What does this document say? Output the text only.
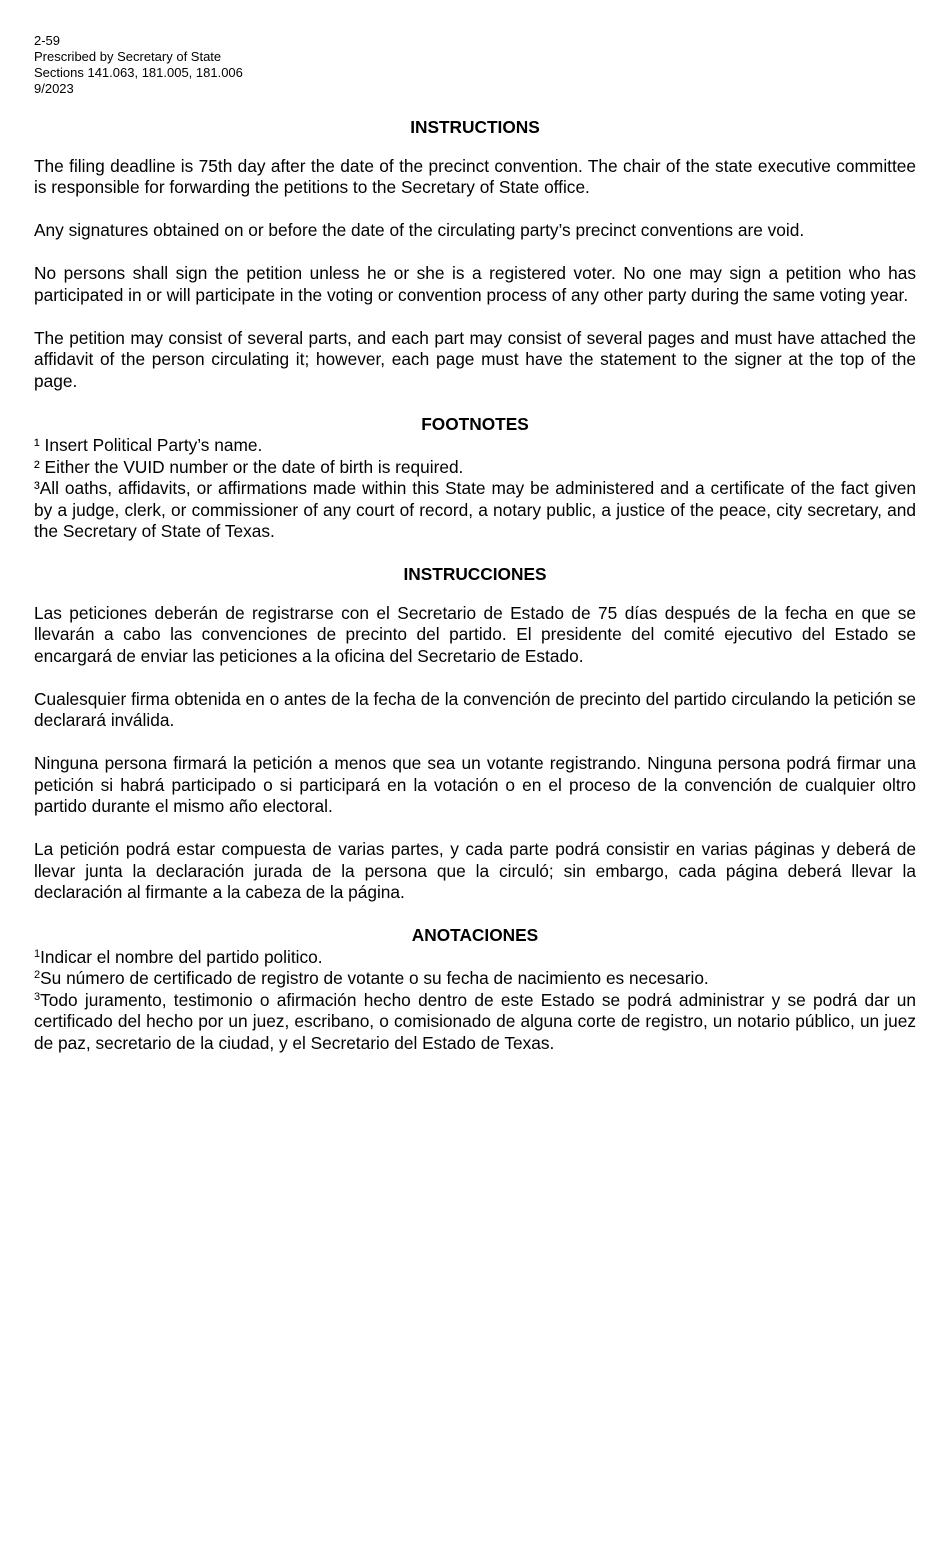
2-59
Prescribed by Secretary of State
Sections 141.063, 181.005, 181.006
9/2023
INSTRUCTIONS

The filing deadline is 75th day after the date of the precinct convention. The chair of the state executive committee is responsible for forwarding the petitions to the Secretary of State office.

Any signatures obtained on or before the date of the circulating party’s precinct conventions are void.

No persons shall sign the petition unless he or she is a registered voter. No one may sign a petition who has participated in or will participate in the voting or convention process of any other party during the same voting year.

The petition may consist of several parts, and each part may consist of several pages and must have attached the affidavit of the person circulating it; however, each page must have the statement to the signer at the top of the page.

FOOTNOTES

¹ Insert Political Party’s name.

² Either the VUID number or the date of birth is required.

³All oaths, affidavits, or affirmations made within this State may be administered and a certificate of the fact given by a judge, clerk, or commissioner of any court of record, a notary public, a justice of the peace, city secretary, and the Secretary of State of Texas.

INSTRUCCIONES

Las peticiones deberán de registrarse con el Secretario de Estado de 75 días después de la fecha en que se llevarán a cabo las convenciones de precinto del partido. El presidente del comité ejecutivo del Estado se encargará de enviar las peticiones a la oficina del Secretario de Estado.

Cualesquier firma obtenida en o antes de la fecha de la convención de precinto del partido circulando la petición se declarará inválida.

Ninguna persona firmará la petición a menos que sea un votante registrando. Ninguna persona podrá firmar una petición si habrá participado o si participará en la votación o en el proceso de la convención de cualquier oltro partido durante el mismo año electoral.

La petición podrá estar compuesta de varias partes, y cada parte podrá consistir en varias páginas y deberá de llevar junta la declaración jurada de la persona que la circuló; sin embargo, cada página deberá llevar la declaración al firmante a la cabeza de la página.

ANOTACIONES

$^1$Indicar el nombre del partido politico.

$^2$Su número de certificado de registro de votante o su fecha de nacimiento es necesario.

$^3$Todo juramento, testimonio o afirmación hecho dentro de este Estado se podrá administrar y se podrá dar un certificado del hecho por un juez, escribano, o comisionado de alguna corte de registro, un notario público, un juez de paz, secretario de la ciudad, y el Secretario del Estado de Texas.
